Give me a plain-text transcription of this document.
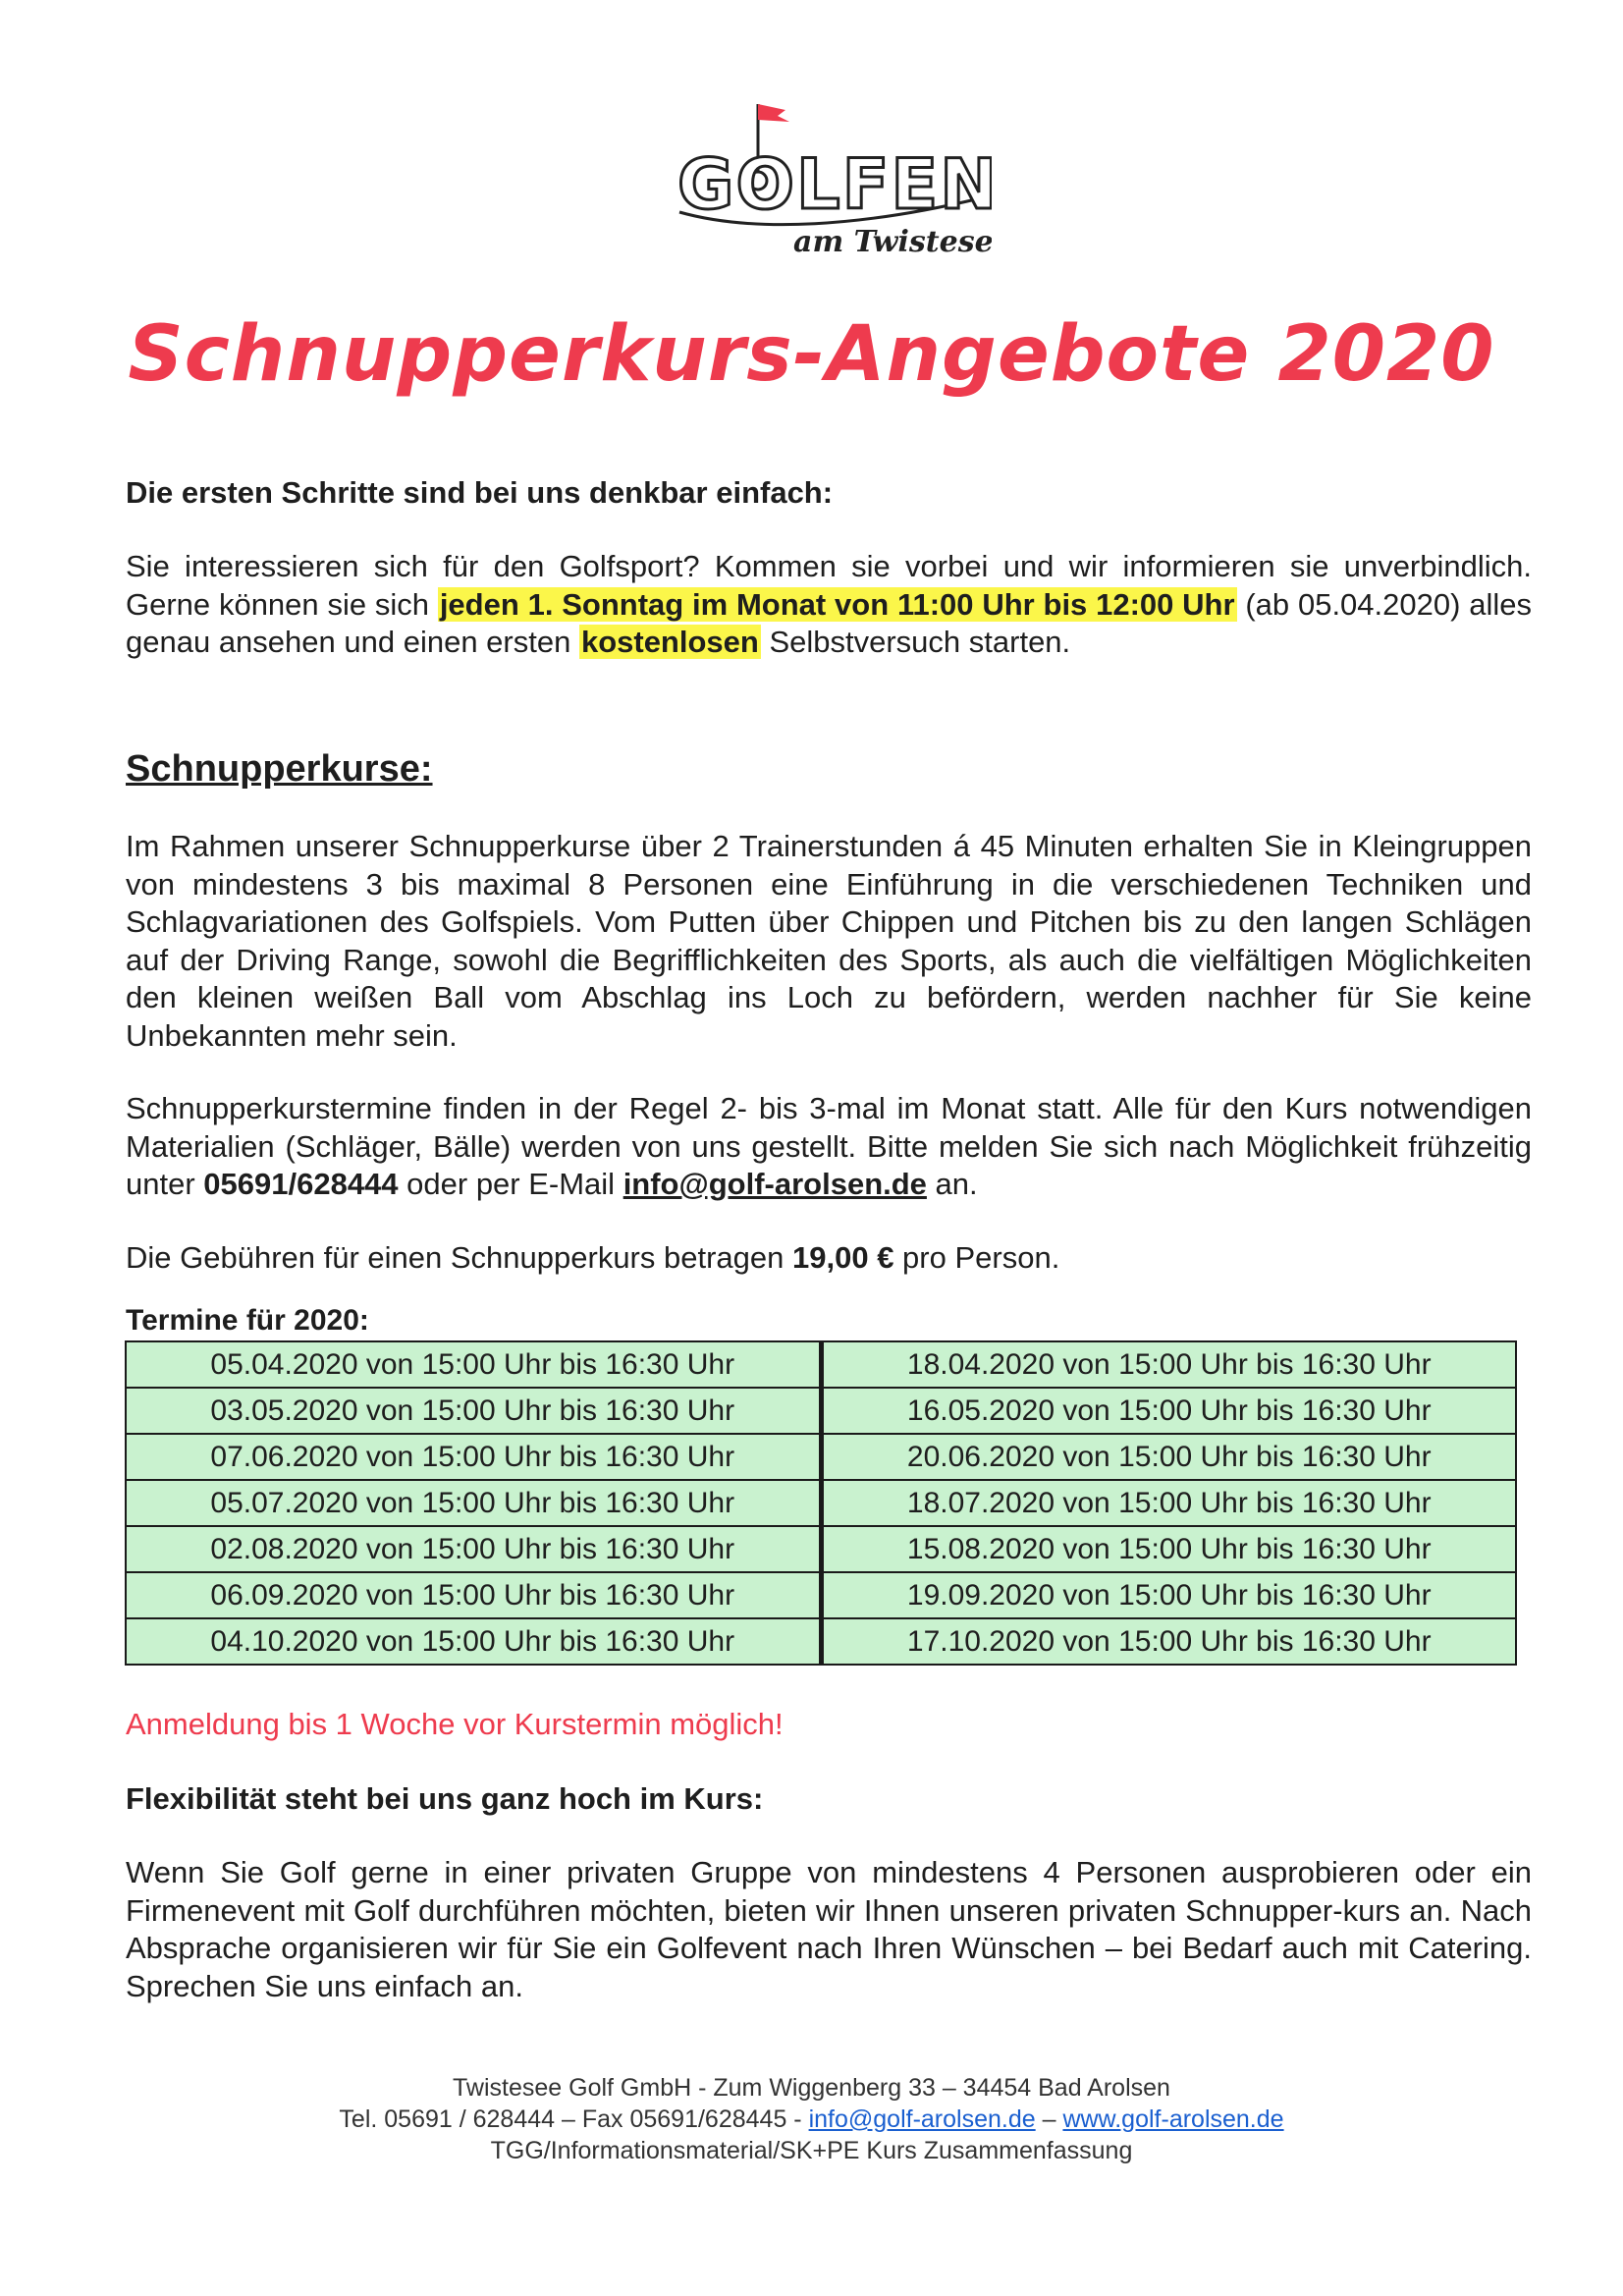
GOLFEN
am Twistesee
Schnupperkurs-Angebote 2020

Die ersten Schritte sind bei uns denkbar einfach:

Sie interessieren sich für den Golfsport? Kommen sie vorbei und wir informieren sie unverbindlich. Gerne können sie sich jeden 1. Sonntag im Monat von 11:00 Uhr bis 12:00 Uhr (ab 05.04.2020) alles genau ansehen und einen ersten kostenlosen Selbstversuch starten.

Schnupperkurse:

Im Rahmen unserer Schnupperkurse über 2 Trainerstunden á 45 Minuten erhalten Sie in Kleingruppen von mindestens 3 bis maximal 8 Personen eine Einführung in die verschiedenen Techniken und Schlagvariationen des Golfspiels. Vom Putten über Chippen und Pitchen bis zu den langen Schlägen auf der Driving Range, sowohl die Begrifflichkeiten des Sports, als auch die vielfältigen Möglichkeiten den kleinen weißen Ball vom Abschlag ins Loch zu befördern, werden nachher für Sie keine Unbekannten mehr sein.

Schnupperkurstermine finden in der Regel 2- bis 3-mal im Monat statt. Alle für den Kurs notwendigen Materialien (Schläger, Bälle) werden von uns gestellt. Bitte melden Sie sich nach Möglichkeit frühzeitig unter 05691/628444 oder per E-Mail info@golf-arolsen.de an.

Die Gebühren für einen Schnupperkurs betragen 19,00 € pro Person.

Termine für 2020:

05.04.2020 von 15:00 Uhr bis 16:30 Uhr	18.04.2020 von 15:00 Uhr bis 16:30 Uhr
03.05.2020 von 15:00 Uhr bis 16:30 Uhr	16.05.2020 von 15:00 Uhr bis 16:30 Uhr
07.06.2020 von 15:00 Uhr bis 16:30 Uhr	20.06.2020 von 15:00 Uhr bis 16:30 Uhr
05.07.2020 von 15:00 Uhr bis 16:30 Uhr	18.07.2020 von 15:00 Uhr bis 16:30 Uhr
02.08.2020 von 15:00 Uhr bis 16:30 Uhr	15.08.2020 von 15:00 Uhr bis 16:30 Uhr
06.09.2020 von 15:00 Uhr bis 16:30 Uhr	19.09.2020 von 15:00 Uhr bis 16:30 Uhr
04.10.2020 von 15:00 Uhr bis 16:30 Uhr	17.10.2020 von 15:00 Uhr bis 16:30 Uhr

Anmeldung bis 1 Woche vor Kurstermin möglich!

Flexibilität steht bei uns ganz hoch im Kurs:

Wenn Sie Golf gerne in einer privaten Gruppe von mindestens 4 Personen ausprobieren oder ein Firmenevent mit Golf durchführen möchten, bieten wir Ihnen unseren privaten Schnupper-kurs an. Nach Absprache organisieren wir für Sie ein Golfevent nach Ihren Wünschen – bei Bedarf auch mit Catering. Sprechen Sie uns einfach an.

Twistesee Golf GmbH - Zum Wiggenberg 33 – 34454 Bad Arolsen
Tel. 05691 / 628444 – Fax 05691/628445 - info@golf-arolsen.de – www.golf-arolsen.de
TGG/Informationsmaterial/SK+PE Kurs Zusammenfassung
